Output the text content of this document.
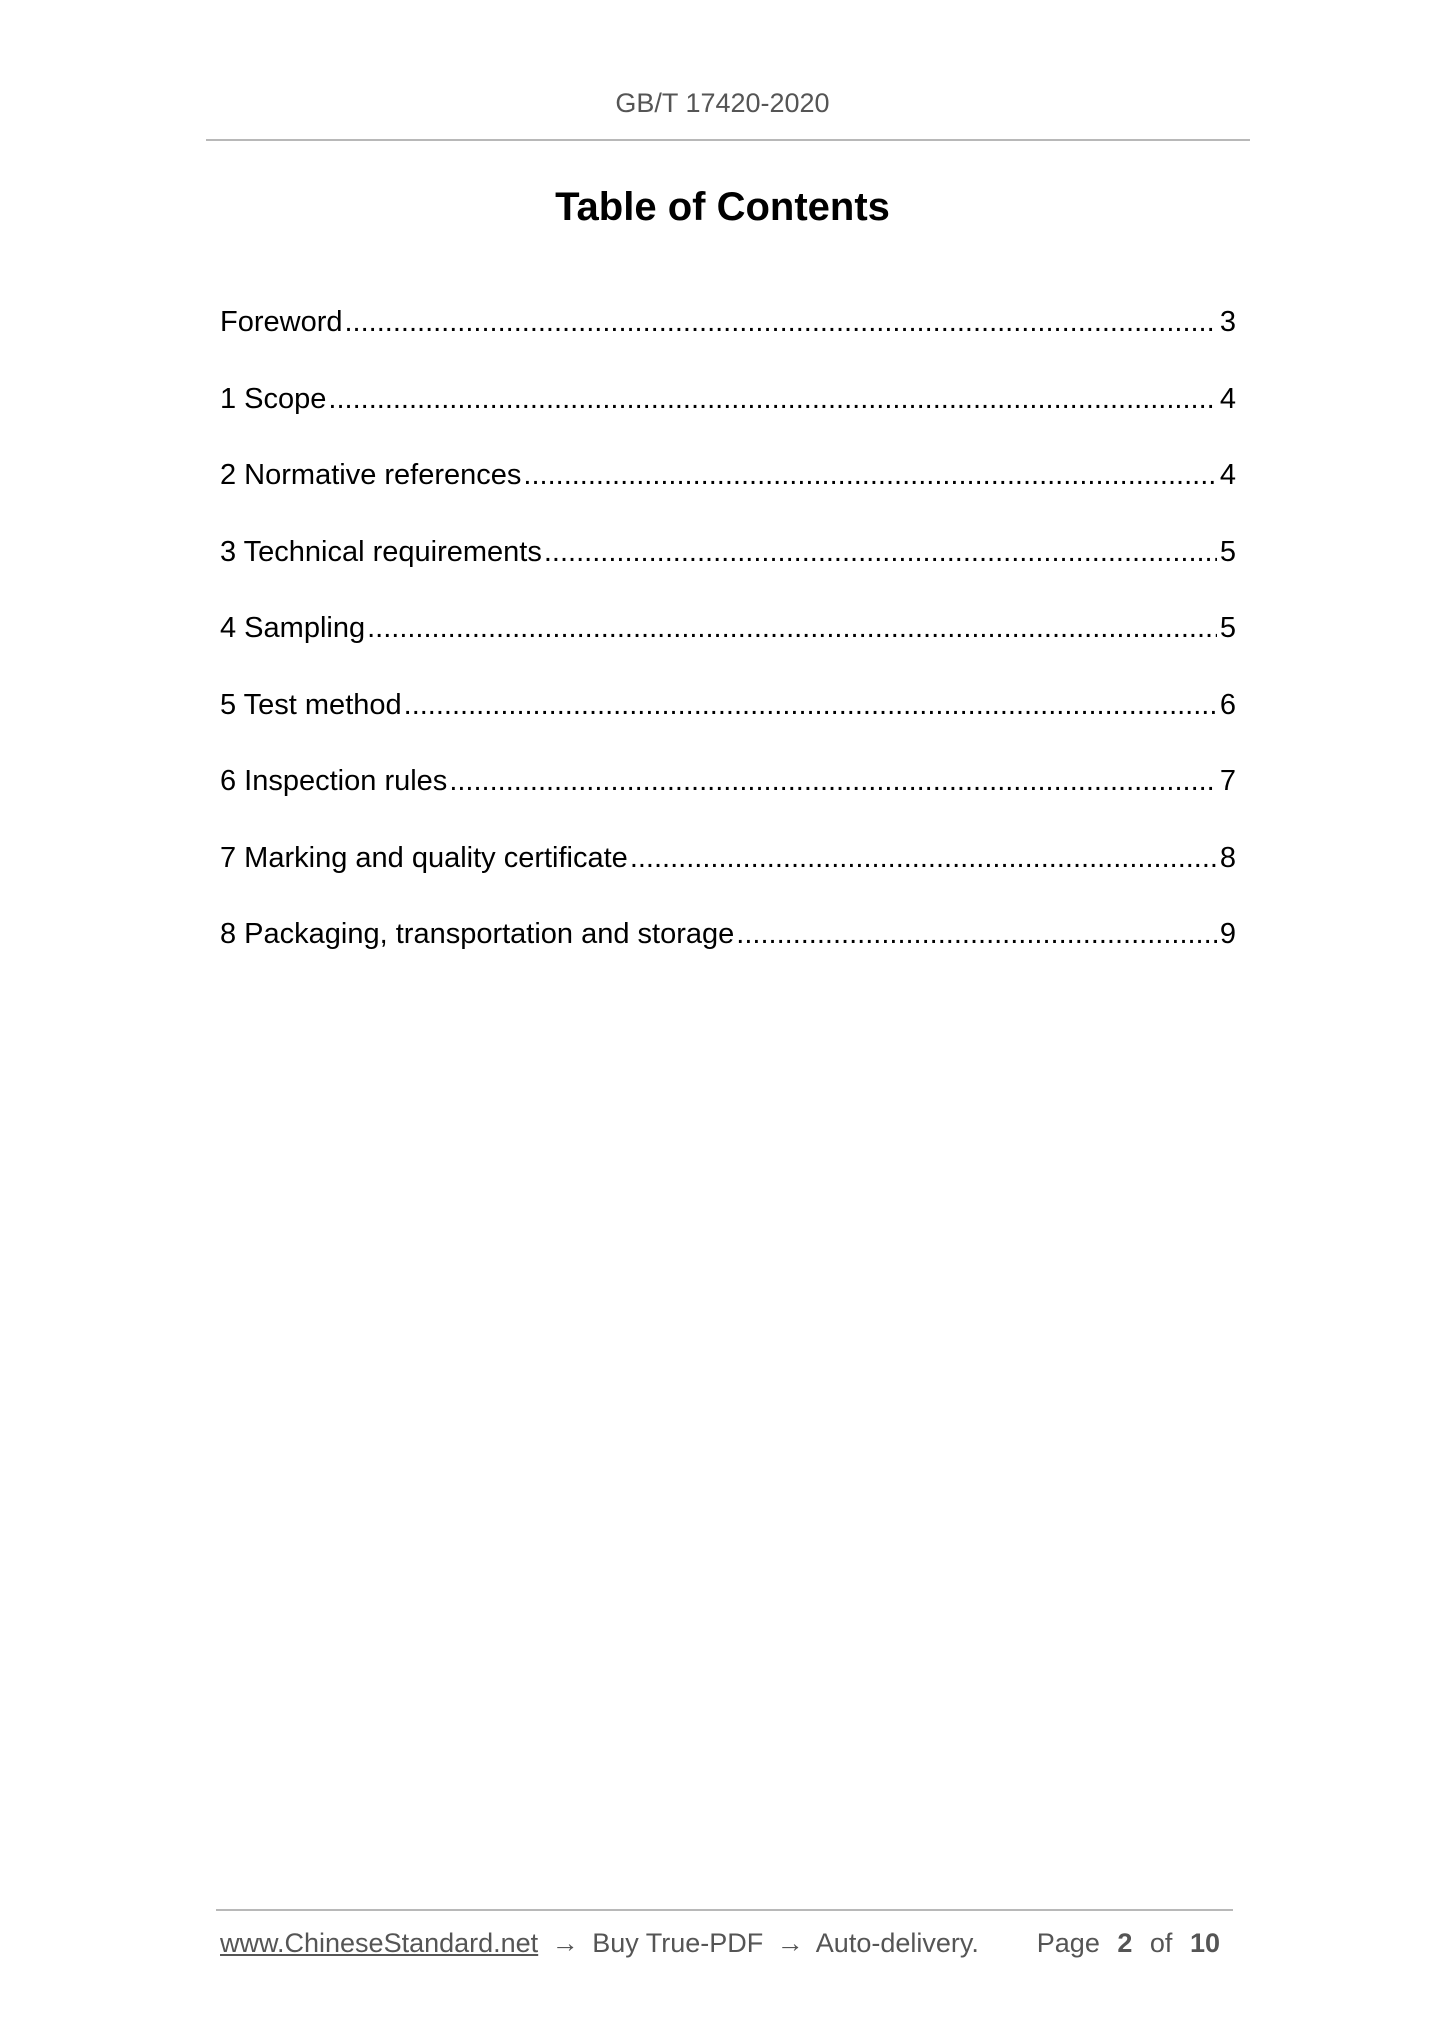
GB/T 17420-2020
Table of Contents
Foreword .....	3
1 Scope .....	4
2 Normative references .....	4
3 Technical requirements .....	5
4 Sampling .....	5
5 Test method .....	6
6 Inspection rules .....	7
7 Marking and quality certificate .....	8
8 Packaging, transportation and storage .....	9
www.ChineseStandard.net → Buy True-PDF → Auto-delivery. Page 2 of 10
